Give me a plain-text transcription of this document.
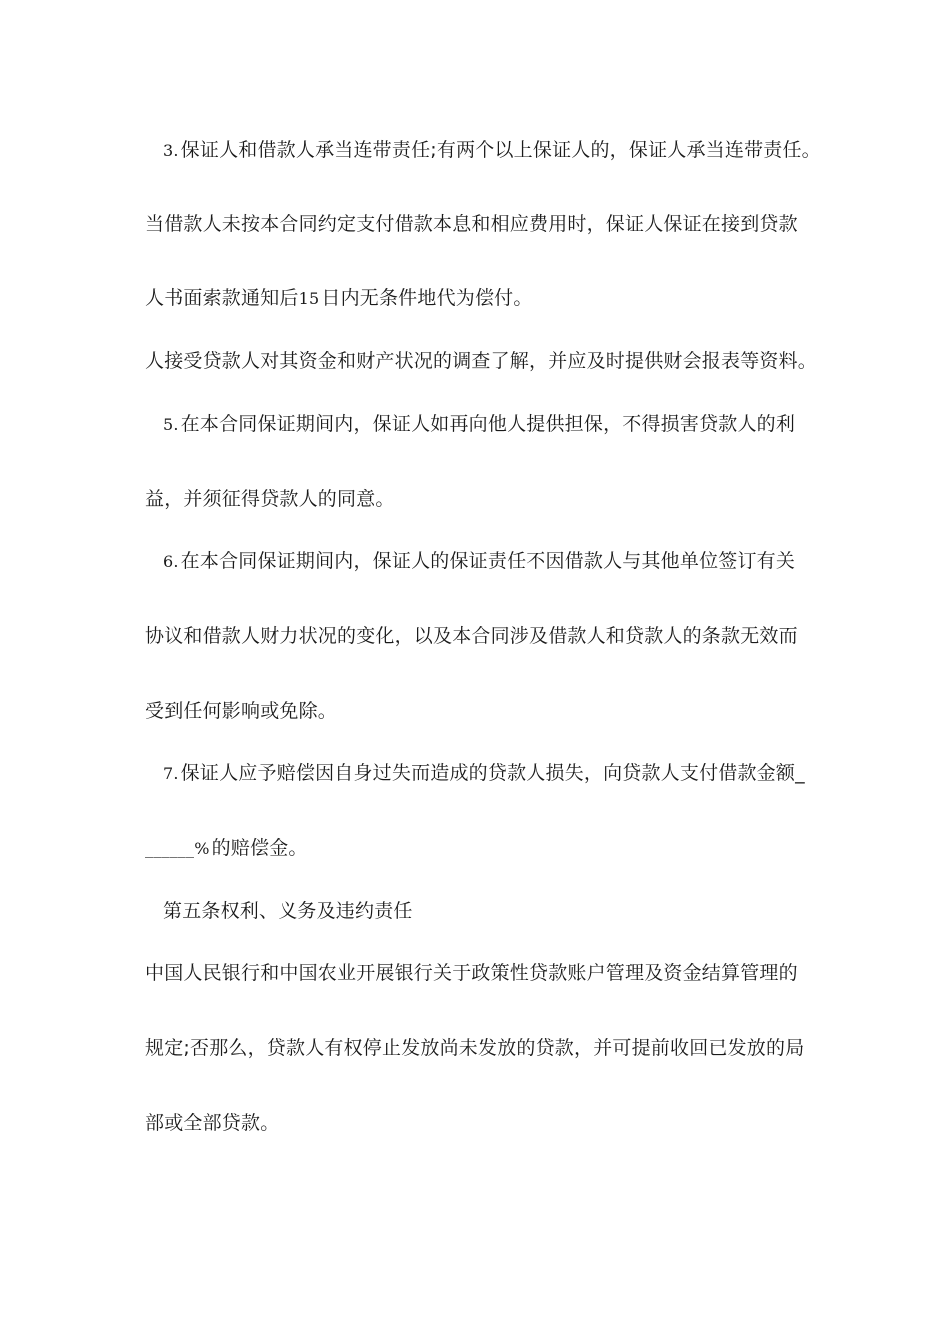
3. 保证人和借款人承当连带责任;有两个以上保证人的，保证人承当连带责任。
当借款人未按本合同约定支付借款本息和相应费用时，保证人保证在接到贷款
人书面索款通知后15 日内无条件地代为偿付。
人接受贷款人对其资金和财产状况的调查了解，并应及时提供财会报表等资料。
5. 在本合同保证期间内，保证人如再向他人提供担保，不得损害贷款人的利
益，并须征得贷款人的同意。
6. 在本合同保证期间内，保证人的保证责任不因借款人与其他单位签订有关
协议和借款人财力状况的变化，以及本合同涉及借款人和贷款人的条款无效而
受到任何影响或免除。
7. 保证人应予赔偿因自身过失而造成的贷款人损失，向贷款人支付借款金额_
______% 的赔偿金。
第五条权利、义务及违约责任
中国人民银行和中国农业开展银行关于政策性贷款账户管理及资金结算管理的
规定;否那么，贷款人有权停止发放尚未发放的贷款，并可提前收回已发放的局
部或全部贷款。
